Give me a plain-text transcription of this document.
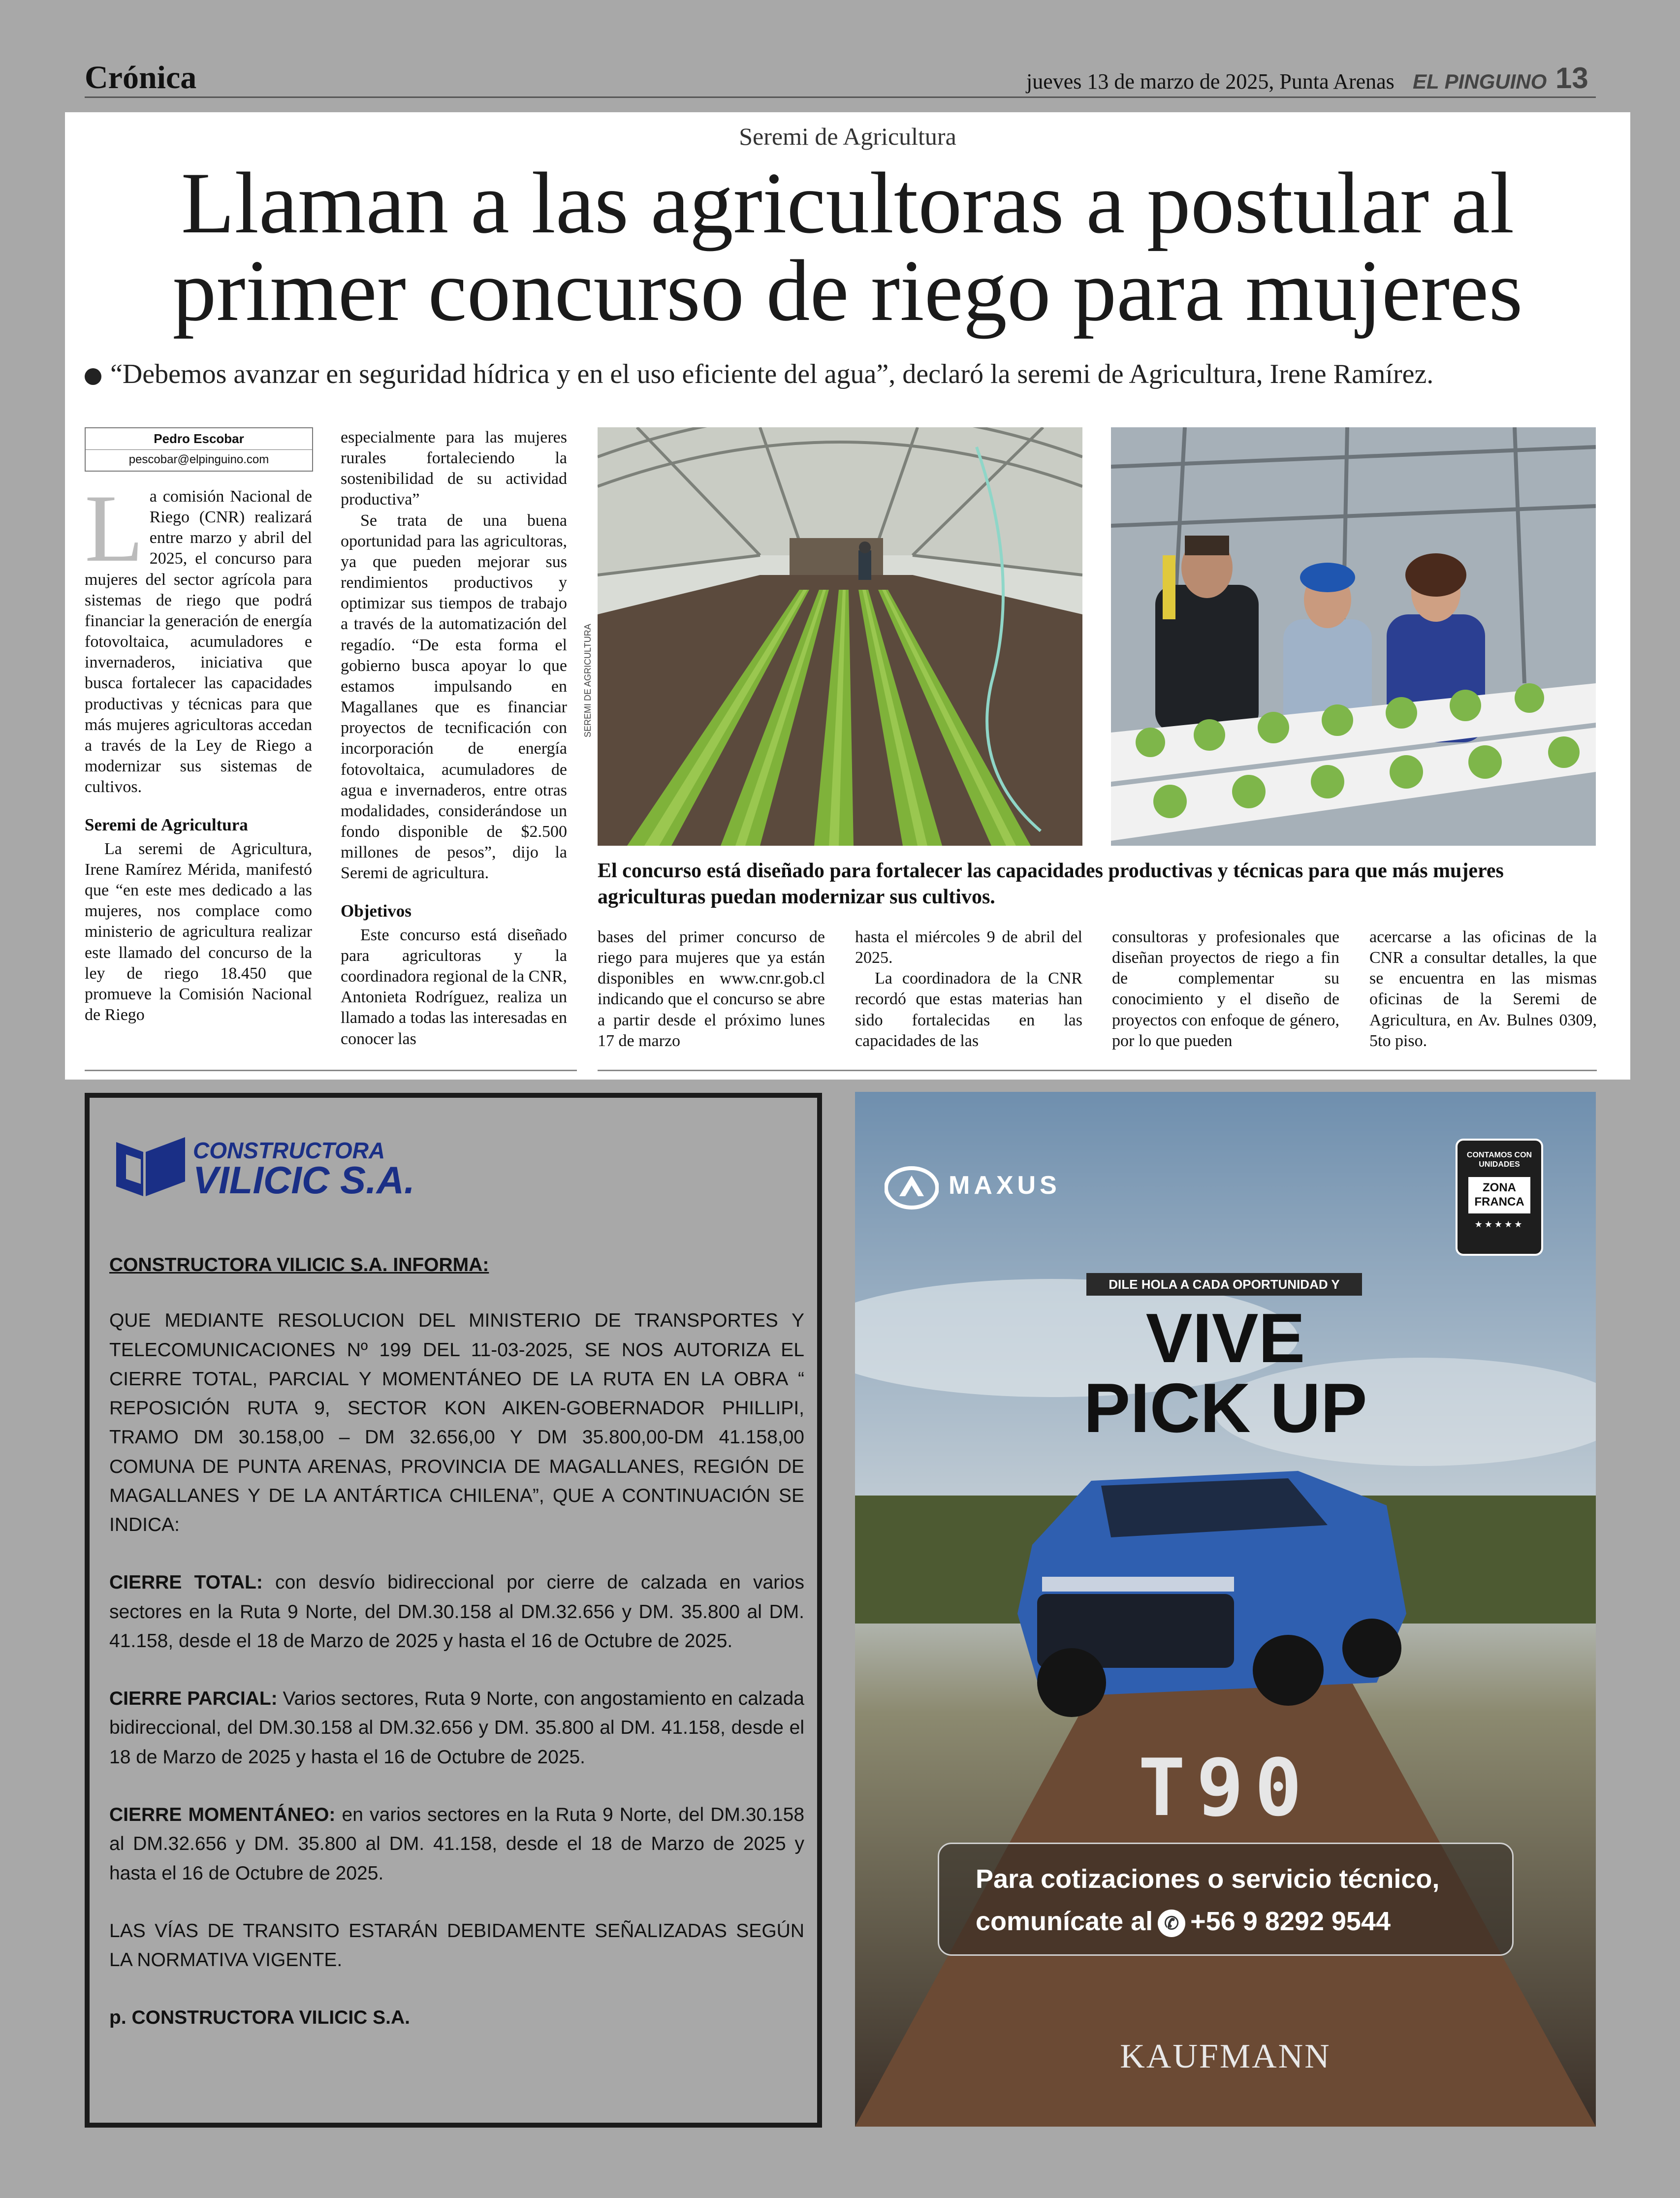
Crónica	jueves 13 de marzo de 2025, Punta Arenas EL PINGUINO 13
Seremi de Agricultura
Llaman a las agricultoras a postular al
primer concurso de riego para mujeres
“Debemos avanzar en seguridad hídrica y en el uso eficiente del agua”, declaró la seremi de Agricultura, Irene Ramírez.
Pedro Escobar
pescobar@elpinguino.com

La comisión Nacional de Riego (CNR) realizará entre marzo y abril del 2025, el concurso para mujeres del sector agrícola para sistemas de riego que podrá financiar la generación de energía fotovoltaica, acumuladores e invernaderos, iniciativa que busca fortalecer las capacidades productivas y técnicas para que más mujeres agricultoras accedan a través de la Ley de Riego a modernizar sus sistemas de cultivos.

Seremi de Agricultura

La seremi de Agricultura, Irene Ramírez Mérida, manifestó que “en este mes dedicado a las mujeres, nos complace como ministerio de agricultura realizar este llamado del concurso de la ley de riego 18.450 que promueve la Comisión Nacional de Riego

especialmente para las mujeres rurales fortaleciendo la sostenibilidad de su actividad productiva”

Se trata de una buena oportunidad para las agricultoras, ya que pueden mejorar sus rendimientos productivos y optimizar sus tiempos de trabajo a través de la automatización del regadío. “De esta forma el gobierno busca apoyar lo que estamos impulsando en Magallanes que es financiar proyectos de tecnificación con incorporación de energía fotovoltaica, acumuladores de agua e invernaderos, entre otras modalidades, considerándose un fondo disponible de $2.500 millones de pesos”, dijo la Seremi de agricultura.

Objetivos

Este concurso está diseñado para agricultoras y la coordinadora regional de la CNR, Antonieta Rodríguez, realiza un llamado a todas las interesadas en conocer las

SEREMI DE AGRICULTURA
El concurso está diseñado para fortalecer las capacidades productivas y técnicas para que más mujeres agriculturas puedan modernizar sus cultivos.

bases del primer concurso de riego para mujeres que ya están disponibles en www.cnr.gob.cl indicando que el concurso se abre a partir desde el próximo lunes 17 de marzo

hasta el miércoles 9 de abril del 2025.

La coordinadora de la CNR recordó que estas materias han sido fortalecidas en las capacidades de las

consultoras y profesionales que diseñan proyectos de riego a fin de complementar su conocimiento y el diseño de proyectos con enfoque de género, por lo que pueden

acercarse a las oficinas de la CNR a consultar detalles, la que se encuentra en las mismas oficinas de la Seremi de Agricultura, en Av. Bulnes 0309, 5to piso.

CONSTRUCTORA
VILICIC S.A.

CONSTRUCTORA VILICIC S.A. INFORMA:

QUE MEDIANTE RESOLUCION DEL MINISTERIO DE TRANSPORTES Y TELECOMUNICACIONES Nº 199 DEL 11-03-2025, SE NOS AUTORIZA EL CIERRE TOTAL, PARCIAL Y MOMENTÁNEO DE LA RUTA EN LA OBRA “ REPOSICIÓN RUTA 9, SECTOR KON AIKEN-GOBERNADOR PHILLIPI, TRAMO DM 30.158,00 – DM 32.656,00 Y DM 35.800,00-DM 41.158,00 COMUNA DE PUNTA ARENAS, PROVINCIA DE MAGALLANES, REGIÓN DE MAGALLANES Y DE LA ANTÁRTICA CHILENA”, QUE A CONTINUACIÓN SE INDICA:

CIERRE TOTAL: con desvío bidireccional por cierre de calzada en varios sectores en la Ruta 9 Norte, del DM.30.158 al DM.32.656 y DM. 35.800 al DM. 41.158, desde el 18 de Marzo de 2025 y hasta el 16 de Octubre de 2025.

CIERRE PARCIAL: Varios sectores, Ruta 9 Norte, con angostamiento en calzada bidireccional, del DM.30.158 al DM.32.656 y DM. 35.800 al DM. 41.158, desde el 18 de Marzo de 2025 y hasta el 16 de Octubre de 2025.

CIERRE MOMENTÁNEO: en varios sectores en la Ruta 9 Norte, del DM.30.158 al DM.32.656 y DM. 35.800 al DM. 41.158, desde el 18 de Marzo de 2025 y hasta el 16 de Octubre de 2025.

LAS VÍAS DE TRANSITO ESTARÁN DEBIDAMENTE SEÑALIZADAS SEGÚN LA NORMATIVA VIGENTE.

p. CONSTRUCTORA VILICIC S.A.

MAXUS
CONTAMOS CON UNIDADES
ZONA FRANCA
★★★★★
DILE HOLA A CADA OPORTUNIDAD Y
VIVE
PICK UP
T90
Para cotizaciones o servicio técnico,
comunícate al ✆ +56 9 8292 9544
KAUFMANN
